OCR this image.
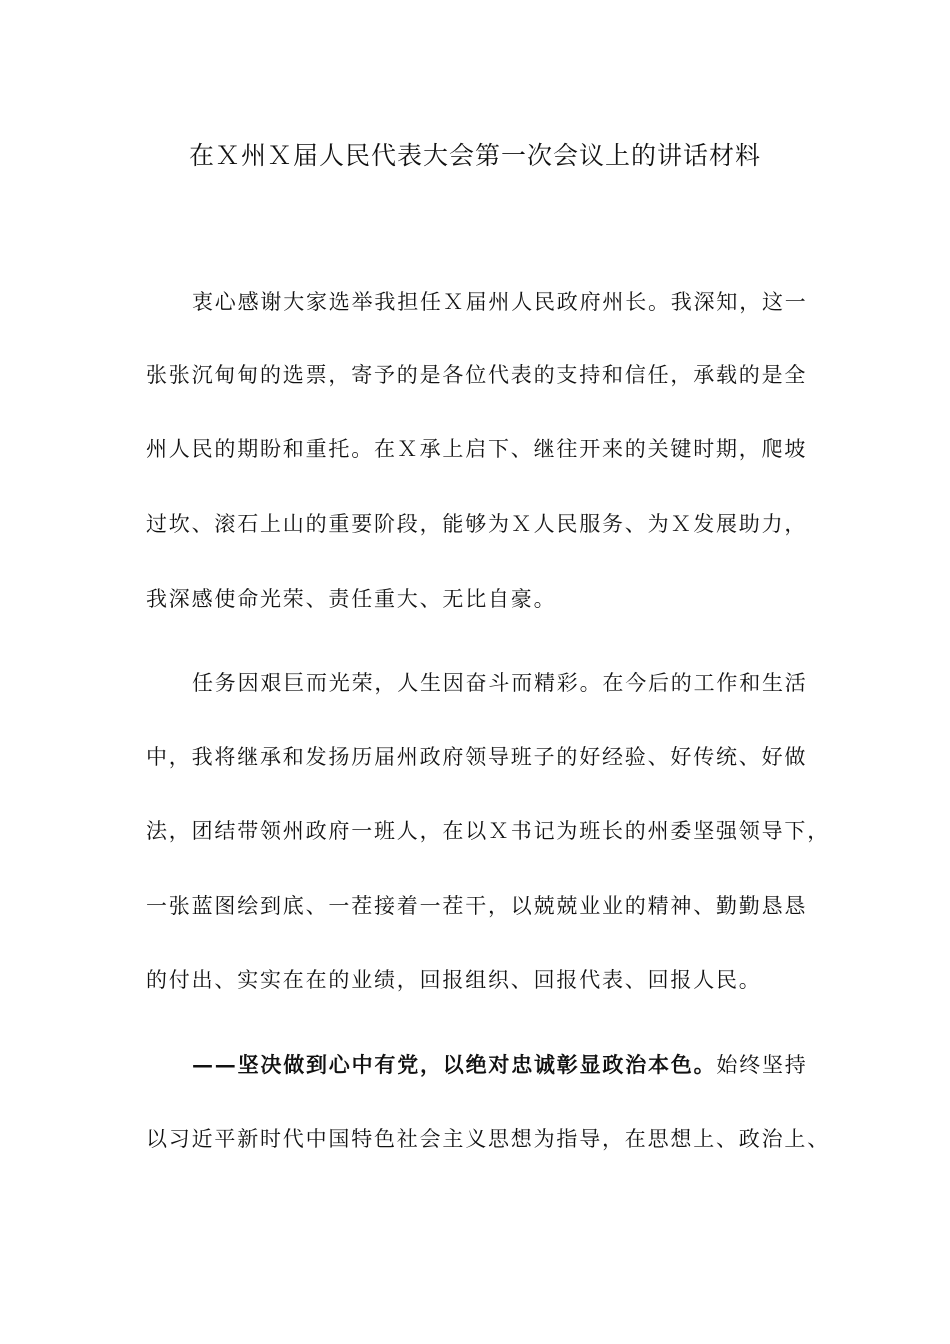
在Ｘ州Ｘ届人民代表大会第一次会议上的讲话材料
衷心感谢大家选举我担任Ｘ届州人民政府州长。我深知，这一
张张沉甸甸的选票，寄予的是各位代表的支持和信任，承载的是全
州人民的期盼和重托。在Ｘ承上启下、继往开来的关键时期，爬坡
过坎、滚石上山的重要阶段，能够为Ｘ人民服务、为Ｘ发展助力，
我深感使命光荣、责任重大、无比自豪。
任务因艰巨而光荣，人生因奋斗而精彩。在今后的工作和生活
中，我将继承和发扬历届州政府领导班子的好经验、好传统、好做
法，团结带领州政府一班人，在以Ｘ书记为班长的州委坚强领导下，
一张蓝图绘到底、一茬接着一茬干，以兢兢业业的精神、勤勤恳恳
的付出、实实在在的业绩，回报组织、回报代表、回报人民。
——坚决做到心中有党，以绝对忠诚彰显政治本色。始终坚持
以习近平新时代中国特色社会主义思想为指导，在思想上、政治上、
